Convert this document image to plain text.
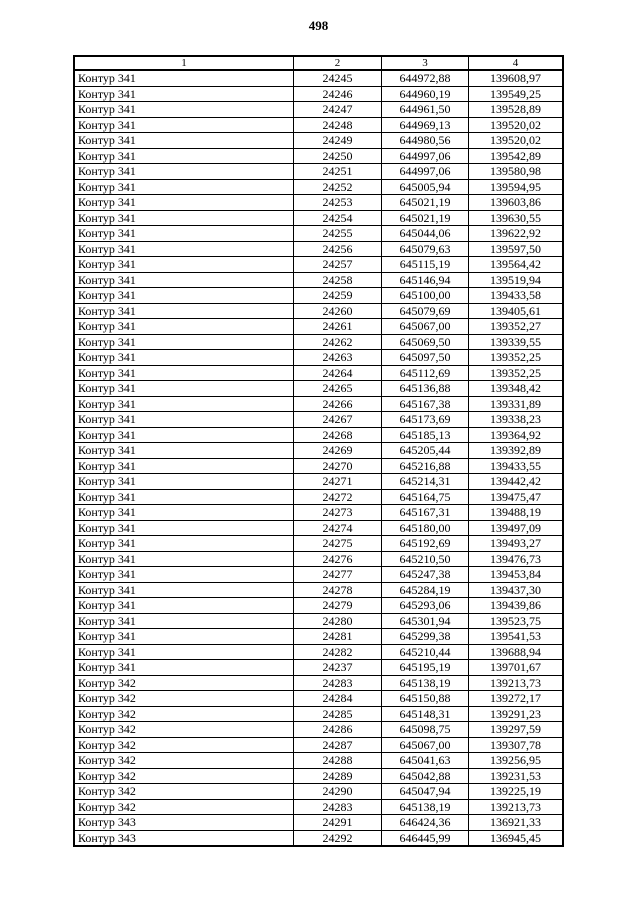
498
1	2	3	4
Контур 341	24245	644972,88	139608,97
Контур 341	24246	644960,19	139549,25
Контур 341	24247	644961,50	139528,89
Контур 341	24248	644969,13	139520,02
Контур 341	24249	644980,56	139520,02
Контур 341	24250	644997,06	139542,89
Контур 341	24251	644997,06	139580,98
Контур 341	24252	645005,94	139594,95
Контур 341	24253	645021,19	139603,86
Контур 341	24254	645021,19	139630,55
Контур 341	24255	645044,06	139622,92
Контур 341	24256	645079,63	139597,50
Контур 341	24257	645115,19	139564,42
Контур 341	24258	645146,94	139519,94
Контур 341	24259	645100,00	139433,58
Контур 341	24260	645079,69	139405,61
Контур 341	24261	645067,00	139352,27
Контур 341	24262	645069,50	139339,55
Контур 341	24263	645097,50	139352,25
Контур 341	24264	645112,69	139352,25
Контур 341	24265	645136,88	139348,42
Контур 341	24266	645167,38	139331,89
Контур 341	24267	645173,69	139338,23
Контур 341	24268	645185,13	139364,92
Контур 341	24269	645205,44	139392,89
Контур 341	24270	645216,88	139433,55
Контур 341	24271	645214,31	139442,42
Контур 341	24272	645164,75	139475,47
Контур 341	24273	645167,31	139488,19
Контур 341	24274	645180,00	139497,09
Контур 341	24275	645192,69	139493,27
Контур 341	24276	645210,50	139476,73
Контур 341	24277	645247,38	139453,84
Контур 341	24278	645284,19	139437,30
Контур 341	24279	645293,06	139439,86
Контур 341	24280	645301,94	139523,75
Контур 341	24281	645299,38	139541,53
Контур 341	24282	645210,44	139688,94
Контур 341	24237	645195,19	139701,67
Контур 342	24283	645138,19	139213,73
Контур 342	24284	645150,88	139272,17
Контур 342	24285	645148,31	139291,23
Контур 342	24286	645098,75	139297,59
Контур 342	24287	645067,00	139307,78
Контур 342	24288	645041,63	139256,95
Контур 342	24289	645042,88	139231,53
Контур 342	24290	645047,94	139225,19
Контур 342	24283	645138,19	139213,73
Контур 343	24291	646424,36	136921,33
Контур 343	24292	646445,99	136945,45
